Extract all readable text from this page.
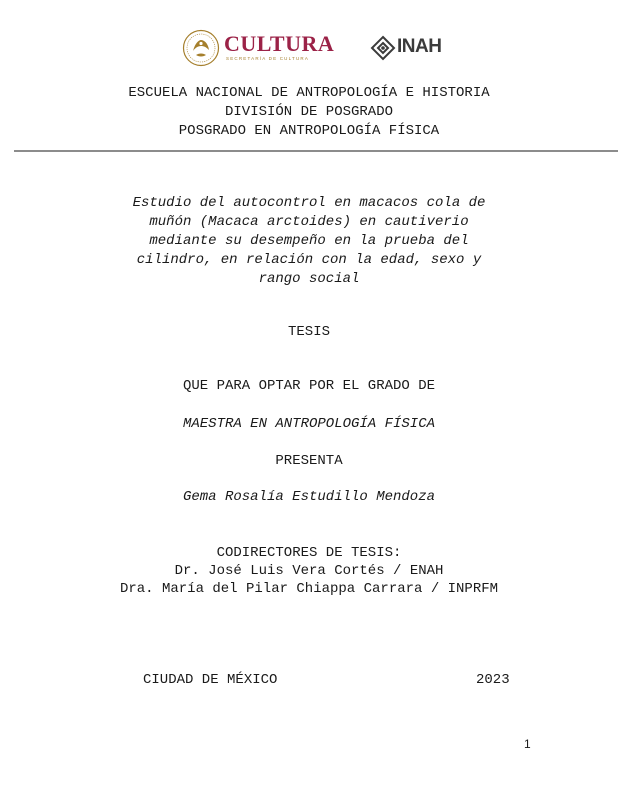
CULTURA
SECRETARÍA DE CULTURA
INAH
ESCUELA NACIONAL DE ANTROPOLOGÍA E HISTORIA
DIVISIÓN DE POSGRADO
POSGRADO EN ANTROPOLOGÍA FÍSICA
Estudio del autocontrol en macacos cola de
muñón (Macaca arctoides) en cautiverio
mediante su desempeño en la prueba del
cilindro, en relación con la edad, sexo y
rango social
TESIS
QUE PARA OPTAR POR EL GRADO DE
MAESTRA EN ANTROPOLOGÍA FÍSICA
PRESENTA
Gema Rosalía Estudillo Mendoza
CODIRECTORES DE TESIS:
Dr. José Luis Vera Cortés / ENAH
Dra. María del Pilar Chiappa Carrara / INPRFM
CIUDAD DE MÉXICO	2023
1
